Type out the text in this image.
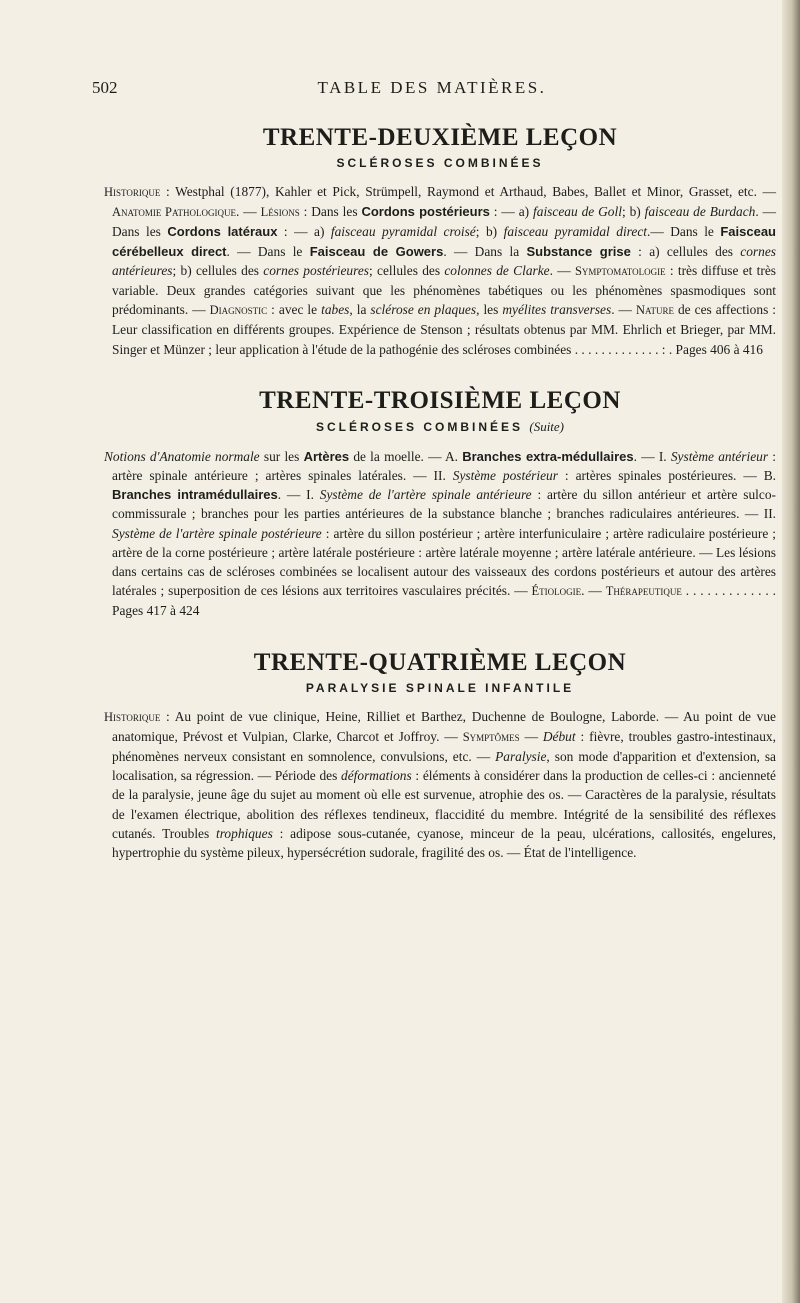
502	TABLE DES MATIÈRES.
TRENTE-DEUXIÈME LEÇON
SCLÉROSES COMBINÉES

Historique : Westphal (1877), Kahler et Pick, Strümpell, Raymond et Arthaud, Babes, Ballet et Minor, Grasset, etc. — Anatomie Pathologique. — Lésions : Dans les Cordons postérieurs : — a) faisceau de Goll; b) faisceau de Burdach. — Dans les Cordons latéraux : — a) faisceau pyramidal croisé; b) faisceau pyramidal direct.— Dans le Faisceau cérébelleux direct. — Dans le Faisceau de Gowers. — Dans la Substance grise : a) cellules des cornes antérieures; b) cellules des cornes postérieures; cellules des colonnes de Clarke. — Symptomatologie : très diffuse et très variable. Deux grandes catégories suivant que les phénomènes tabétiques ou les phénomènes spasmodiques sont prédominants. — Diagnostic : avec le tabes, la sclérose en plaques, les myélites transverses. — Nature de ces affections : Leur classification en différents groupes. Expérience de Stenson ; résultats obtenus par MM. Ehrlich et Brieger, par MM. Singer et Münzer ; leur application à l'étude de la pathogénie des scléroses combinées . . . . . . . . . . . . . : . Pages 406 à 416

TRENTE-TROISIÈME LEÇON
SCLÉROSES COMBINÉES (Suite)

Notions d'Anatomie normale sur les Artères de la moelle. — A. Branches extra-médullaires. — I. Système antérieur : artère spinale antérieure ; artères spinales latérales. — II. Système postérieur : artères spinales postérieures. — B. Branches intramédullaires. — I. Système de l'artère spinale antérieure : artère du sillon antérieur et artère sulco-commissurale ; branches pour les parties antérieures de la substance blanche ; branches radiculaires antérieures. — II. Système de l'artère spinale postérieure : artère du sillon postérieur ; artère interfuniculaire ; artère radiculaire postérieure ; artère de la corne postérieure ; artère latérale postérieure : artère latérale moyenne ; artère latérale antérieure. — Les lésions dans certains cas de scléroses combinées se localisent autour des vaisseaux des cordons postérieurs et autour des artères latérales ; superposition de ces lésions aux territoires vasculaires précités. — Étiologie. — Thérapeutique . . . . . . . . . . . . . Pages 417 à 424

TRENTE-QUATRIÈME LEÇON
PARALYSIE SPINALE INFANTILE

Historique : Au point de vue clinique, Heine, Rilliet et Barthez, Duchenne de Boulogne, Laborde. — Au point de vue anatomique, Prévost et Vulpian, Clarke, Charcot et Joffroy. — Symptômes — Début : fièvre, troubles gastro-intestinaux, phénomènes nerveux consistant en somnolence, convulsions, etc. — Paralysie, son mode d'apparition et d'extension, sa localisation, sa régression. — Période des déformations : éléments à considérer dans la production de celles-ci : ancienneté de la paralysie, jeune âge du sujet au moment où elle est survenue, atrophie des os. — Caractères de la paralysie, résultats de l'examen électrique, abolition des réflexes tendineux, flaccidité du membre. Intégrité de la sensibilité des réflexes cutanés. Troubles trophiques : adipose sous-cutanée, cyanose, minceur de la peau, ulcérations, callosités, engelures, hypertrophie du système pileux, hypersécrétion sudorale, fragilité des os. — État de l'intelligence.
